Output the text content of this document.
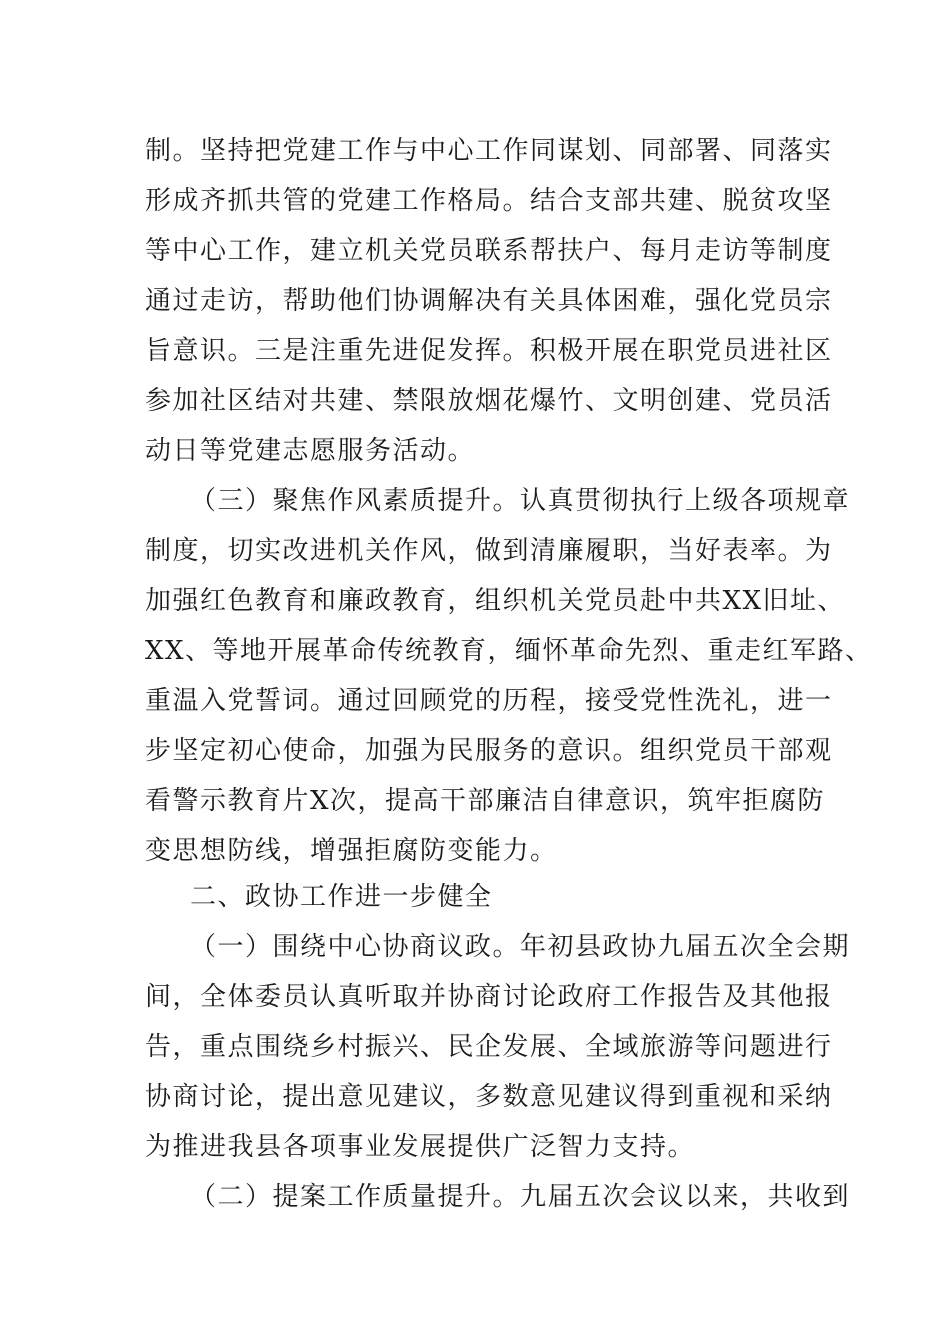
制。坚持把党建工作与中心工作同谋划、同部署、同落实
形成齐抓共管的党建工作格局。结合支部共建、脱贫攻坚
等中心工作，建立机关党员联系帮扶户、每月走访等制度
通过走访，帮助他们协调解决有关具体困难，强化党员宗
旨意识。三是注重先进促发挥。积极开展在职党员进社区
参加社区结对共建、禁限放烟花爆竹、文明创建、党员活
动日等党建志愿服务活动。
（三）聚焦作风素质提升。认真贯彻执行上级各项规章
制度，切实改进机关作风，做到清廉履职，当好表率。为
加强红色教育和廉政教育，组织机关党员赴中共XX旧址、
XX、等地开展革命传统教育，缅怀革命先烈、重走红军路、
重温入党誓词。通过回顾党的历程，接受党性洗礼，进一
步坚定初心使命，加强为民服务的意识。组织党员干部观
看警示教育片X次，提高干部廉洁自律意识，筑牢拒腐防
变思想防线，增强拒腐防变能力。
二、政协工作进一步健全
（一）围绕中心协商议政。年初县政协九届五次全会期
间，全体委员认真听取并协商讨论政府工作报告及其他报
告，重点围绕乡村振兴、民企发展、全域旅游等问题进行
协商讨论，提出意见建议，多数意见建议得到重视和采纳
为推进我县各项事业发展提供广泛智力支持。
（二）提案工作质量提升。九届五次会议以来，共收到
